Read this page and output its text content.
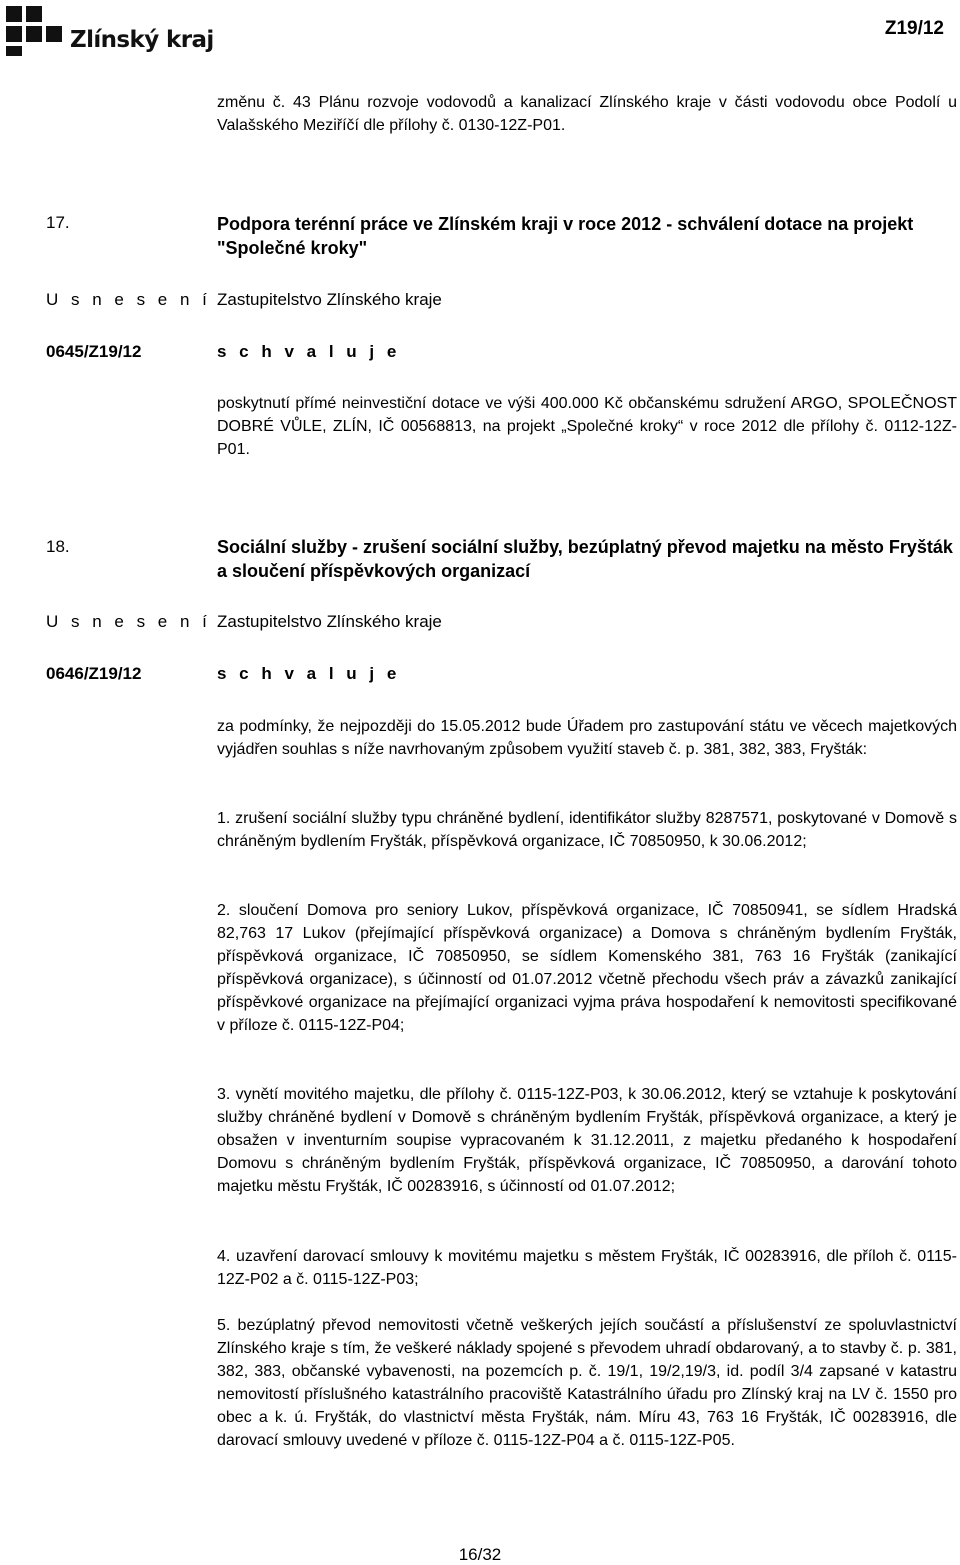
Zlínský kraj	Z19/12
změnu č. 43 Plánu rozvoje vodovodů a kanalizací Zlínského kraje v části vodovodu obce Podolí u Valašského Meziříčí dle přílohy č. 0130-12Z-P01.
17.	Podpora terénní práce ve Zlínském kraji v roce 2012 - schválení dotace na projekt "Společné kroky"
U s n e s e n í Zastupitelstvo Zlínského kraje
0645/Z19/12	s c h v a l u j e
poskytnutí přímé neinvestiční dotace ve výši 400.000 Kč občanskému sdružení ARGO, SPOLEČNOST DOBRÉ VŮLE, ZLÍN, IČ 00568813, na projekt „Společné kroky“ v roce 2012 dle přílohy č. 0112-12Z-P01.
18.	Sociální služby - zrušení sociální služby, bezúplatný převod majetku na město Fryšták a sloučení příspěvkových organizací
U s n e s e n í Zastupitelstvo Zlínského kraje
0646/Z19/12	s c h v a l u j e
za podmínky, že nejpozději do 15.05.2012 bude Úřadem pro zastupování státu ve věcech majetkových vyjádřen souhlas s níže navrhovaným způsobem využití staveb č. p. 381, 382, 383, Fryšták:
1. zrušení sociální služby typu chráněné bydlení, identifikátor služby 8287571, poskytované v Domově s chráněným bydlením Fryšták, příspěvková organizace, IČ 70850950, k 30.06.2012;
2. sloučení Domova pro seniory Lukov, příspěvková organizace, IČ 70850941, se sídlem Hradská 82,763 17 Lukov (přejímající příspěvková organizace) a Domova s chráněným bydlením Fryšták, příspěvková organizace, IČ 70850950, se sídlem Komenského 381, 763 16 Fryšták (zanikající příspěvková organizace), s účinností od 01.07.2012 včetně přechodu všech práv a závazků zanikající příspěvkové organizace na přejímající organizaci vyjma práva hospodaření k nemovitosti specifikované v příloze č. 0115-12Z-P04;
3. vynětí movitého majetku, dle přílohy č. 0115-12Z-P03, k 30.06.2012, který se vztahuje k poskytování služby chráněné bydlení v Domově s chráněným bydlením Fryšták, příspěvková organizace, a který je obsažen v inventurním soupise vypracovaném k 31.12.2011, z majetku předaného k hospodaření Domovu s chráněným bydlením Fryšták, příspěvková organizace, IČ 70850950, a darování tohoto majetku městu Fryšták, IČ 00283916, s účinností od 01.07.2012;
4. uzavření darovací smlouvy k movitému majetku s městem Fryšták, IČ 00283916, dle příloh č. 0115-12Z-P02 a č. 0115-12Z-P03;
5. bezúplatný převod nemovitosti včetně veškerých jejích součástí a příslušenství ze spoluvlastnictví Zlínského kraje s tím, že veškeré náklady spojené s převodem uhradí obdarovaný, a to stavby č. p. 381, 382, 383, občanské vybavenosti, na pozemcích p. č. 19/1, 19/2,19/3, id. podíl 3/4 zapsané v katastru nemovitostí příslušného katastrálního pracoviště Katastrálního úřadu pro Zlínský kraj na LV č. 1550 pro obec a k. ú. Fryšták, do vlastnictví města Fryšták, nám. Míru 43, 763 16 Fryšták, IČ 00283916, dle darovací smlouvy uvedené v příloze č. 0115-12Z-P04 a č. 0115-12Z-P05.
16/32
